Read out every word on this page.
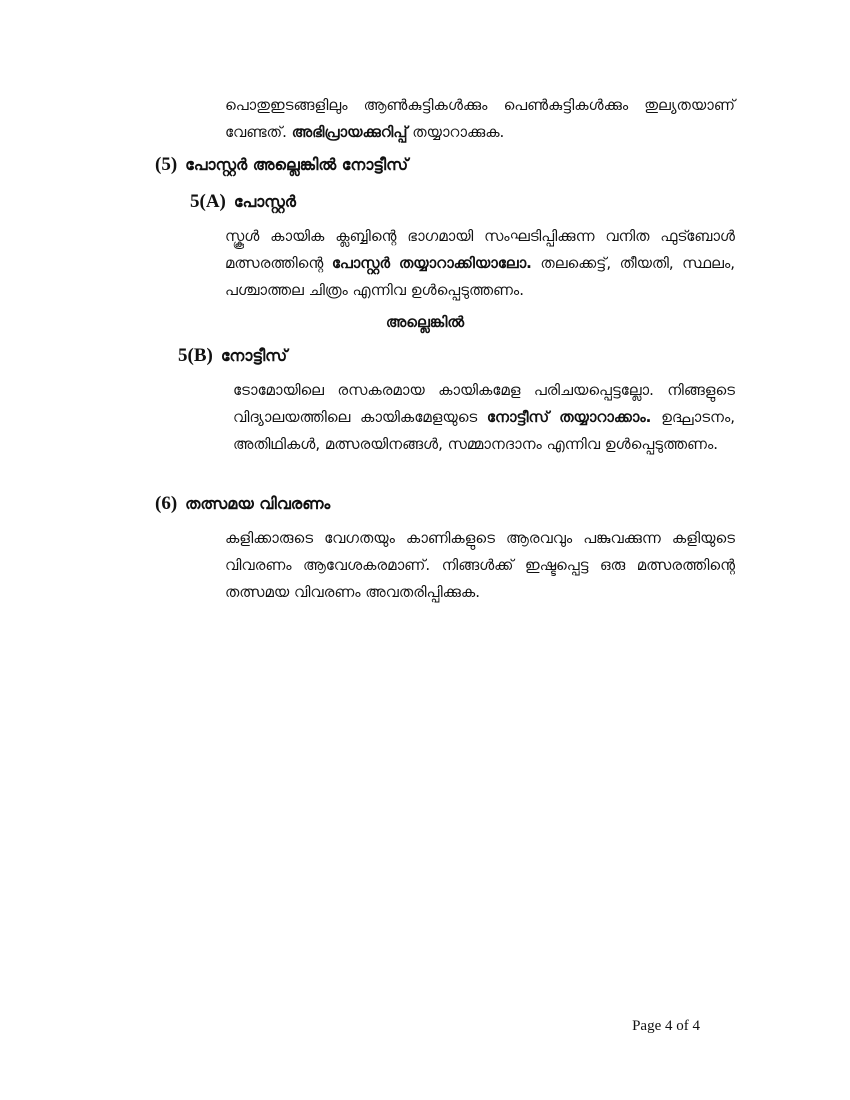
പൊതുഇടങ്ങളിലും ആൺകുട്ടികൾക്കും പെൺകുട്ടികൾക്കും തുല്യതയാണ് വേണ്ടത്. അഭിപ്രായക്കുറിപ്പ് തയ്യാറാക്കുക.

(5) പോസ്റ്റർ അല്ലെങ്കിൽ നോട്ടീസ്
5(A) പോസ്റ്റർ

സ്കൂൾ കായിക ക്ലബ്ബിന്റെ ഭാഗമായി സംഘടിപ്പിക്കുന്ന വനിത ഫുട്ബോൾ മത്സരത്തിന്റെ പോസ്റ്റർ തയ്യാറാക്കിയാലോ. തലക്കെട്ട്, തീയതി, സ്ഥലം, പശ്ചാത്തല ചിത്രം എന്നിവ ഉൾപ്പെടുത്തണം.

അല്ലെങ്കിൽ
5(B) നോട്ടീസ്

ടോമോയിലെ രസകരമായ കായികമേള പരിചയപ്പെട്ടല്ലോ. നിങ്ങളുടെ വിദ്യാലയത്തിലെ കായികമേളയുടെ നോട്ടീസ് തയ്യാറാക്കാം. ഉദ്ഘാടനം, അതിഥികൾ, മത്സരയിനങ്ങൾ, സമ്മാനദാനം എന്നിവ ഉൾപ്പെടുത്തണം.

(6) തത്സമയ വിവരണം

കളിക്കാരുടെ വേഗതയും കാണികളുടെ ആരവവും പങ്കുവക്കുന്ന കളിയുടെ വിവരണം ആവേശകരമാണ്. നിങ്ങൾക്ക് ഇഷ്ടപ്പെട്ട ഒരു മത്സരത്തിന്റെ തത്സമയ വിവരണം അവതരിപ്പിക്കുക.

Page 4 of 4
